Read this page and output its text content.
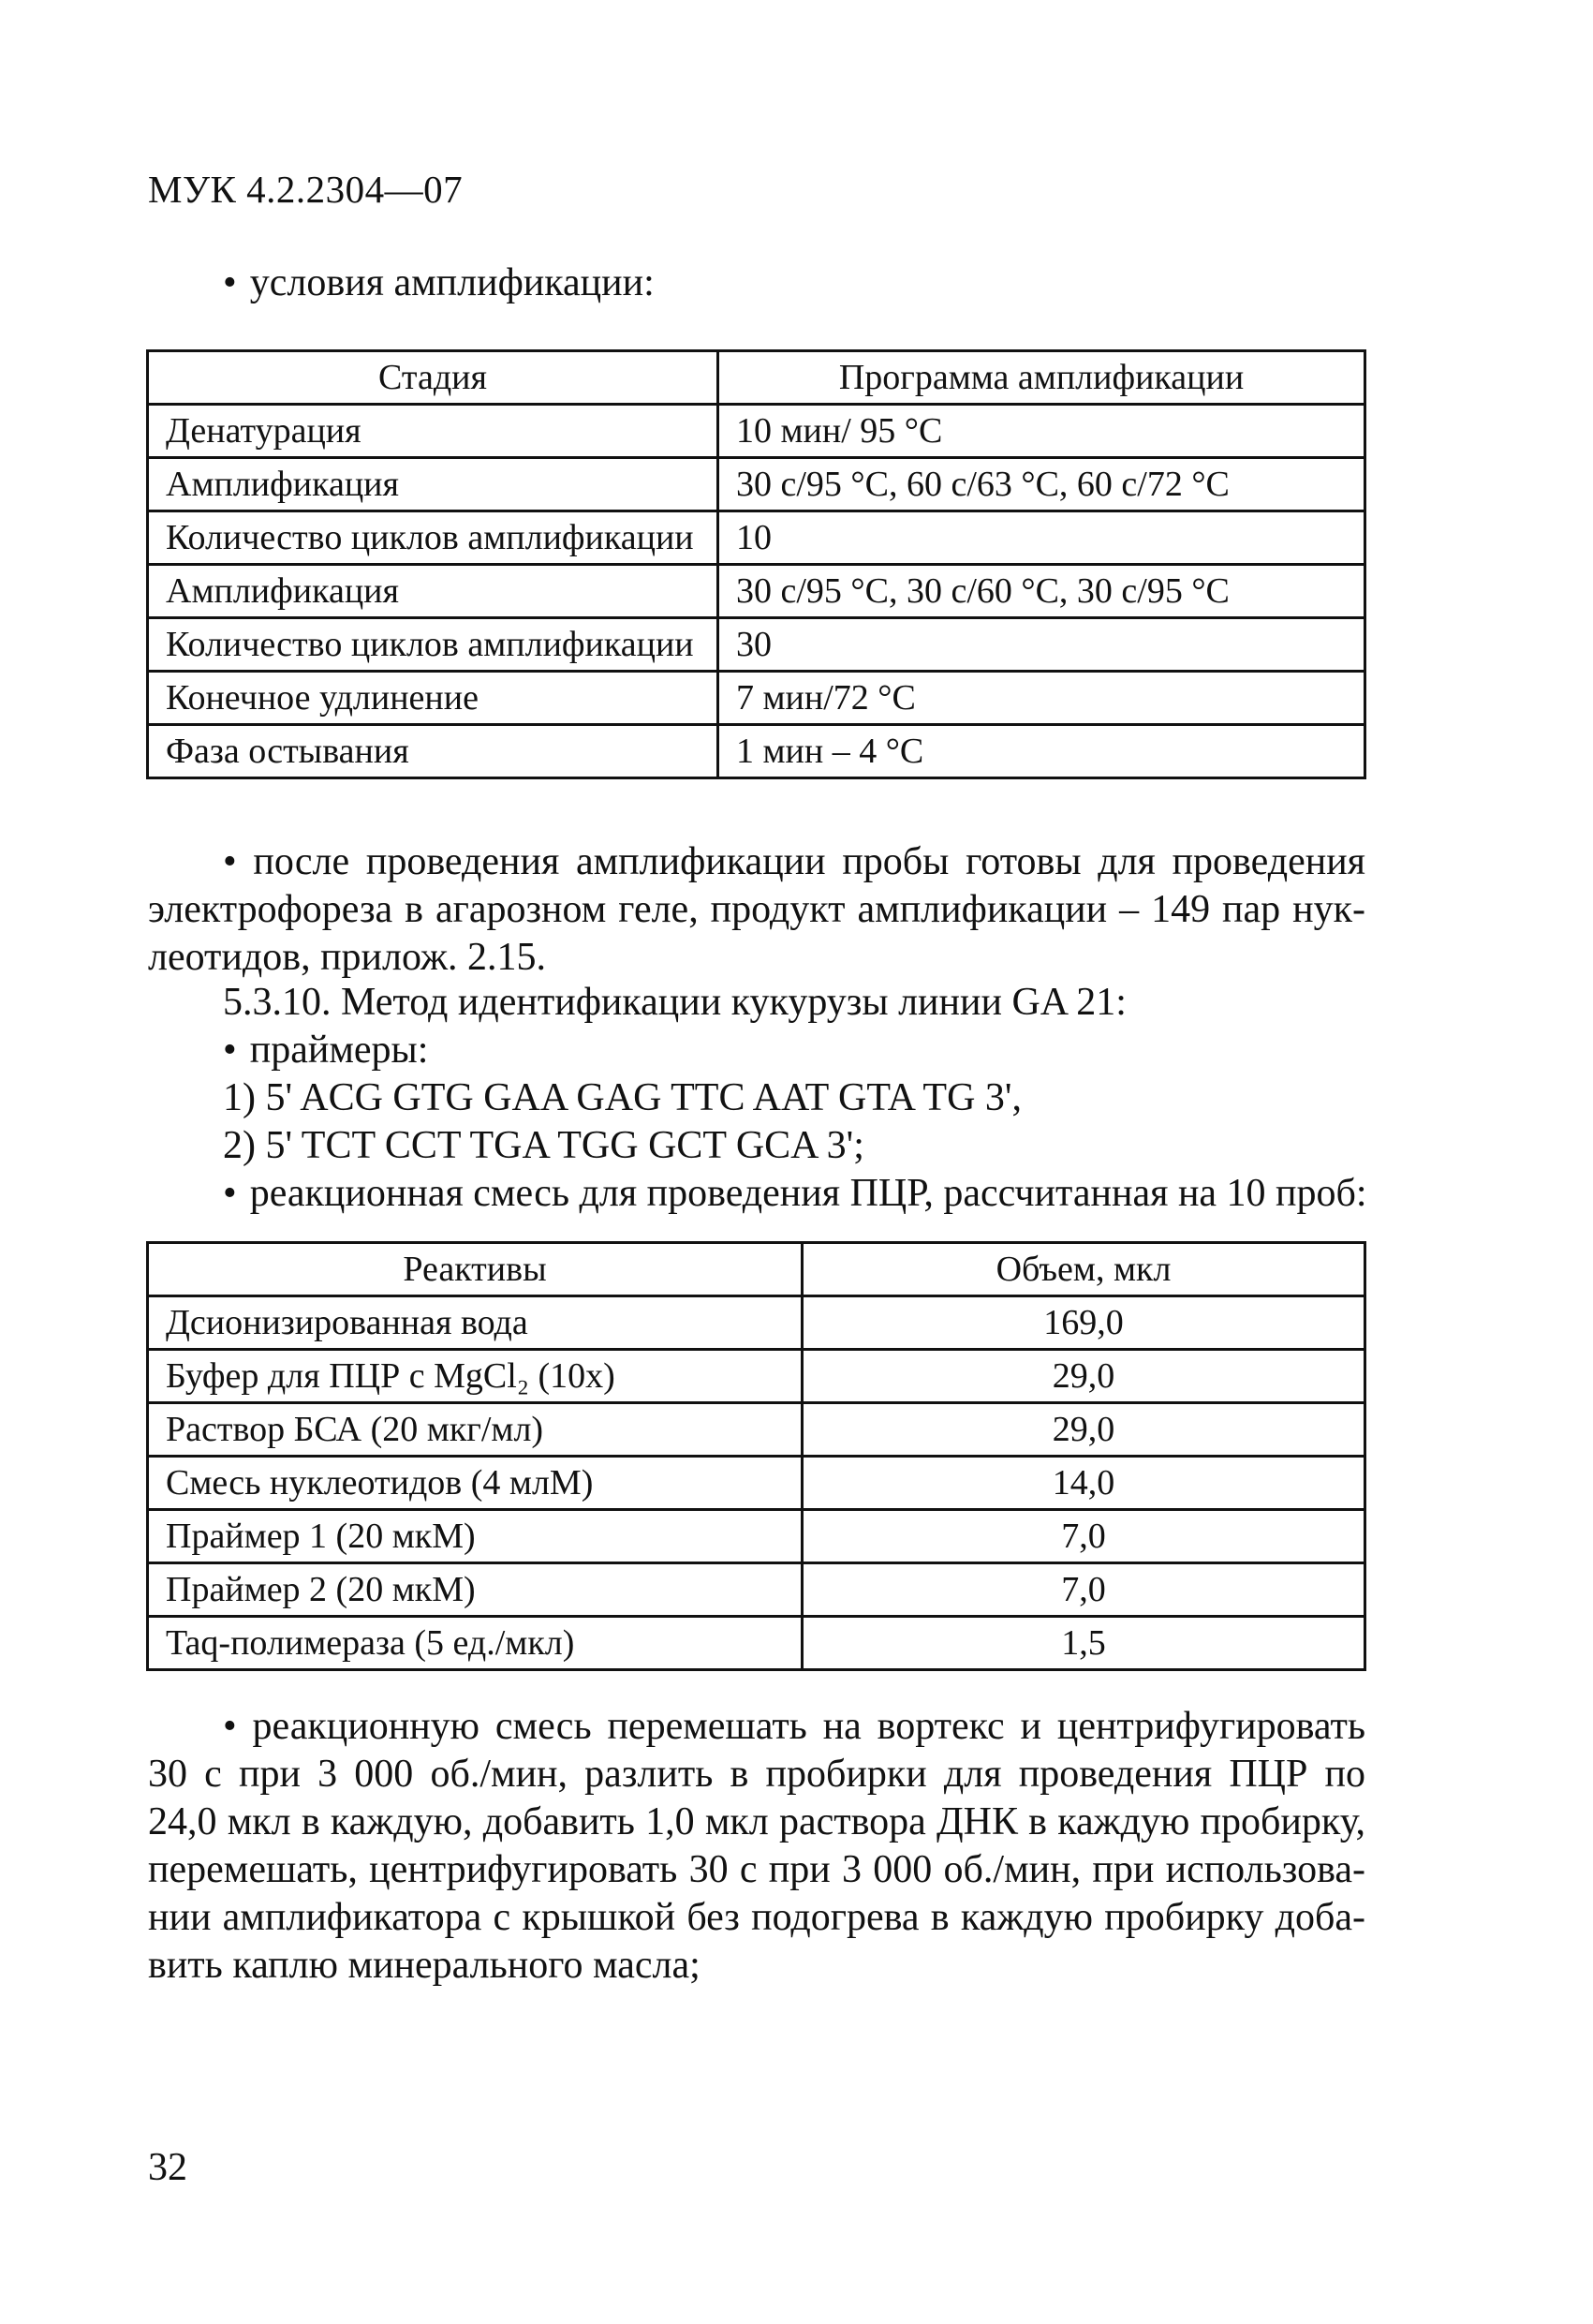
МУК 4.2.2304—07
• условия амплификации:
Стадия	Программа амплификации
Денатурация	10 мин/ 95 °С
Амплификация	30 с/95 °С, 60 с/63 °С, 60 с/72 °С
Количество циклов амплификации	10
Амплификация	30 с/95 °С, 30 с/60 °С, 30 с/95 °С
Количество циклов амплификации	30
Конечное удлинение	7 мин/72 °С
Фаза остывания	1 мин – 4 °С
• после проведения амплификации пробы готовы для проведения
электрофореза в агарозном геле, продукт амплификации – 149 пар нук-
леотидов, прилож. 2.15.
5.3.10. Метод идентификации кукурузы линии GA 21:
• праймеры:
1) 5' ACG GTG GAA GAG TTC AAT GTA TG 3',
2) 5' TCT CCT TGA TGG GCT GCA 3';
• реакционная смесь для проведения ПЦР, рассчитанная на 10 проб:
Реактивы	Объем, мкл
Дсионизированная вода	169,0
Буфер для ПЦР с MgCl₂ (10х)	29,0
Раствор БСА (20 мкг/мл)	29,0
Смесь нуклеотидов (4 млМ)	14,0
Праймер 1 (20 мкМ)	7,0
Праймер 2 (20 мкМ)	7,0
Taq-полимераза (5 ед./мкл)	1,5
• реакционную смесь перемешать на вортекс и центрифугировать
30 с при 3 000 об./мин, разлить в пробирки для проведения ПЦР по
24,0 мкл в каждую, добавить 1,0 мкл раствора ДНК в каждую пробирку,
перемешать, центрифугировать 30 с при 3 000 об./мин, при использова-
нии амплификатора с крышкой без подогрева в каждую пробирку доба-
вить каплю минерального масла;
32
